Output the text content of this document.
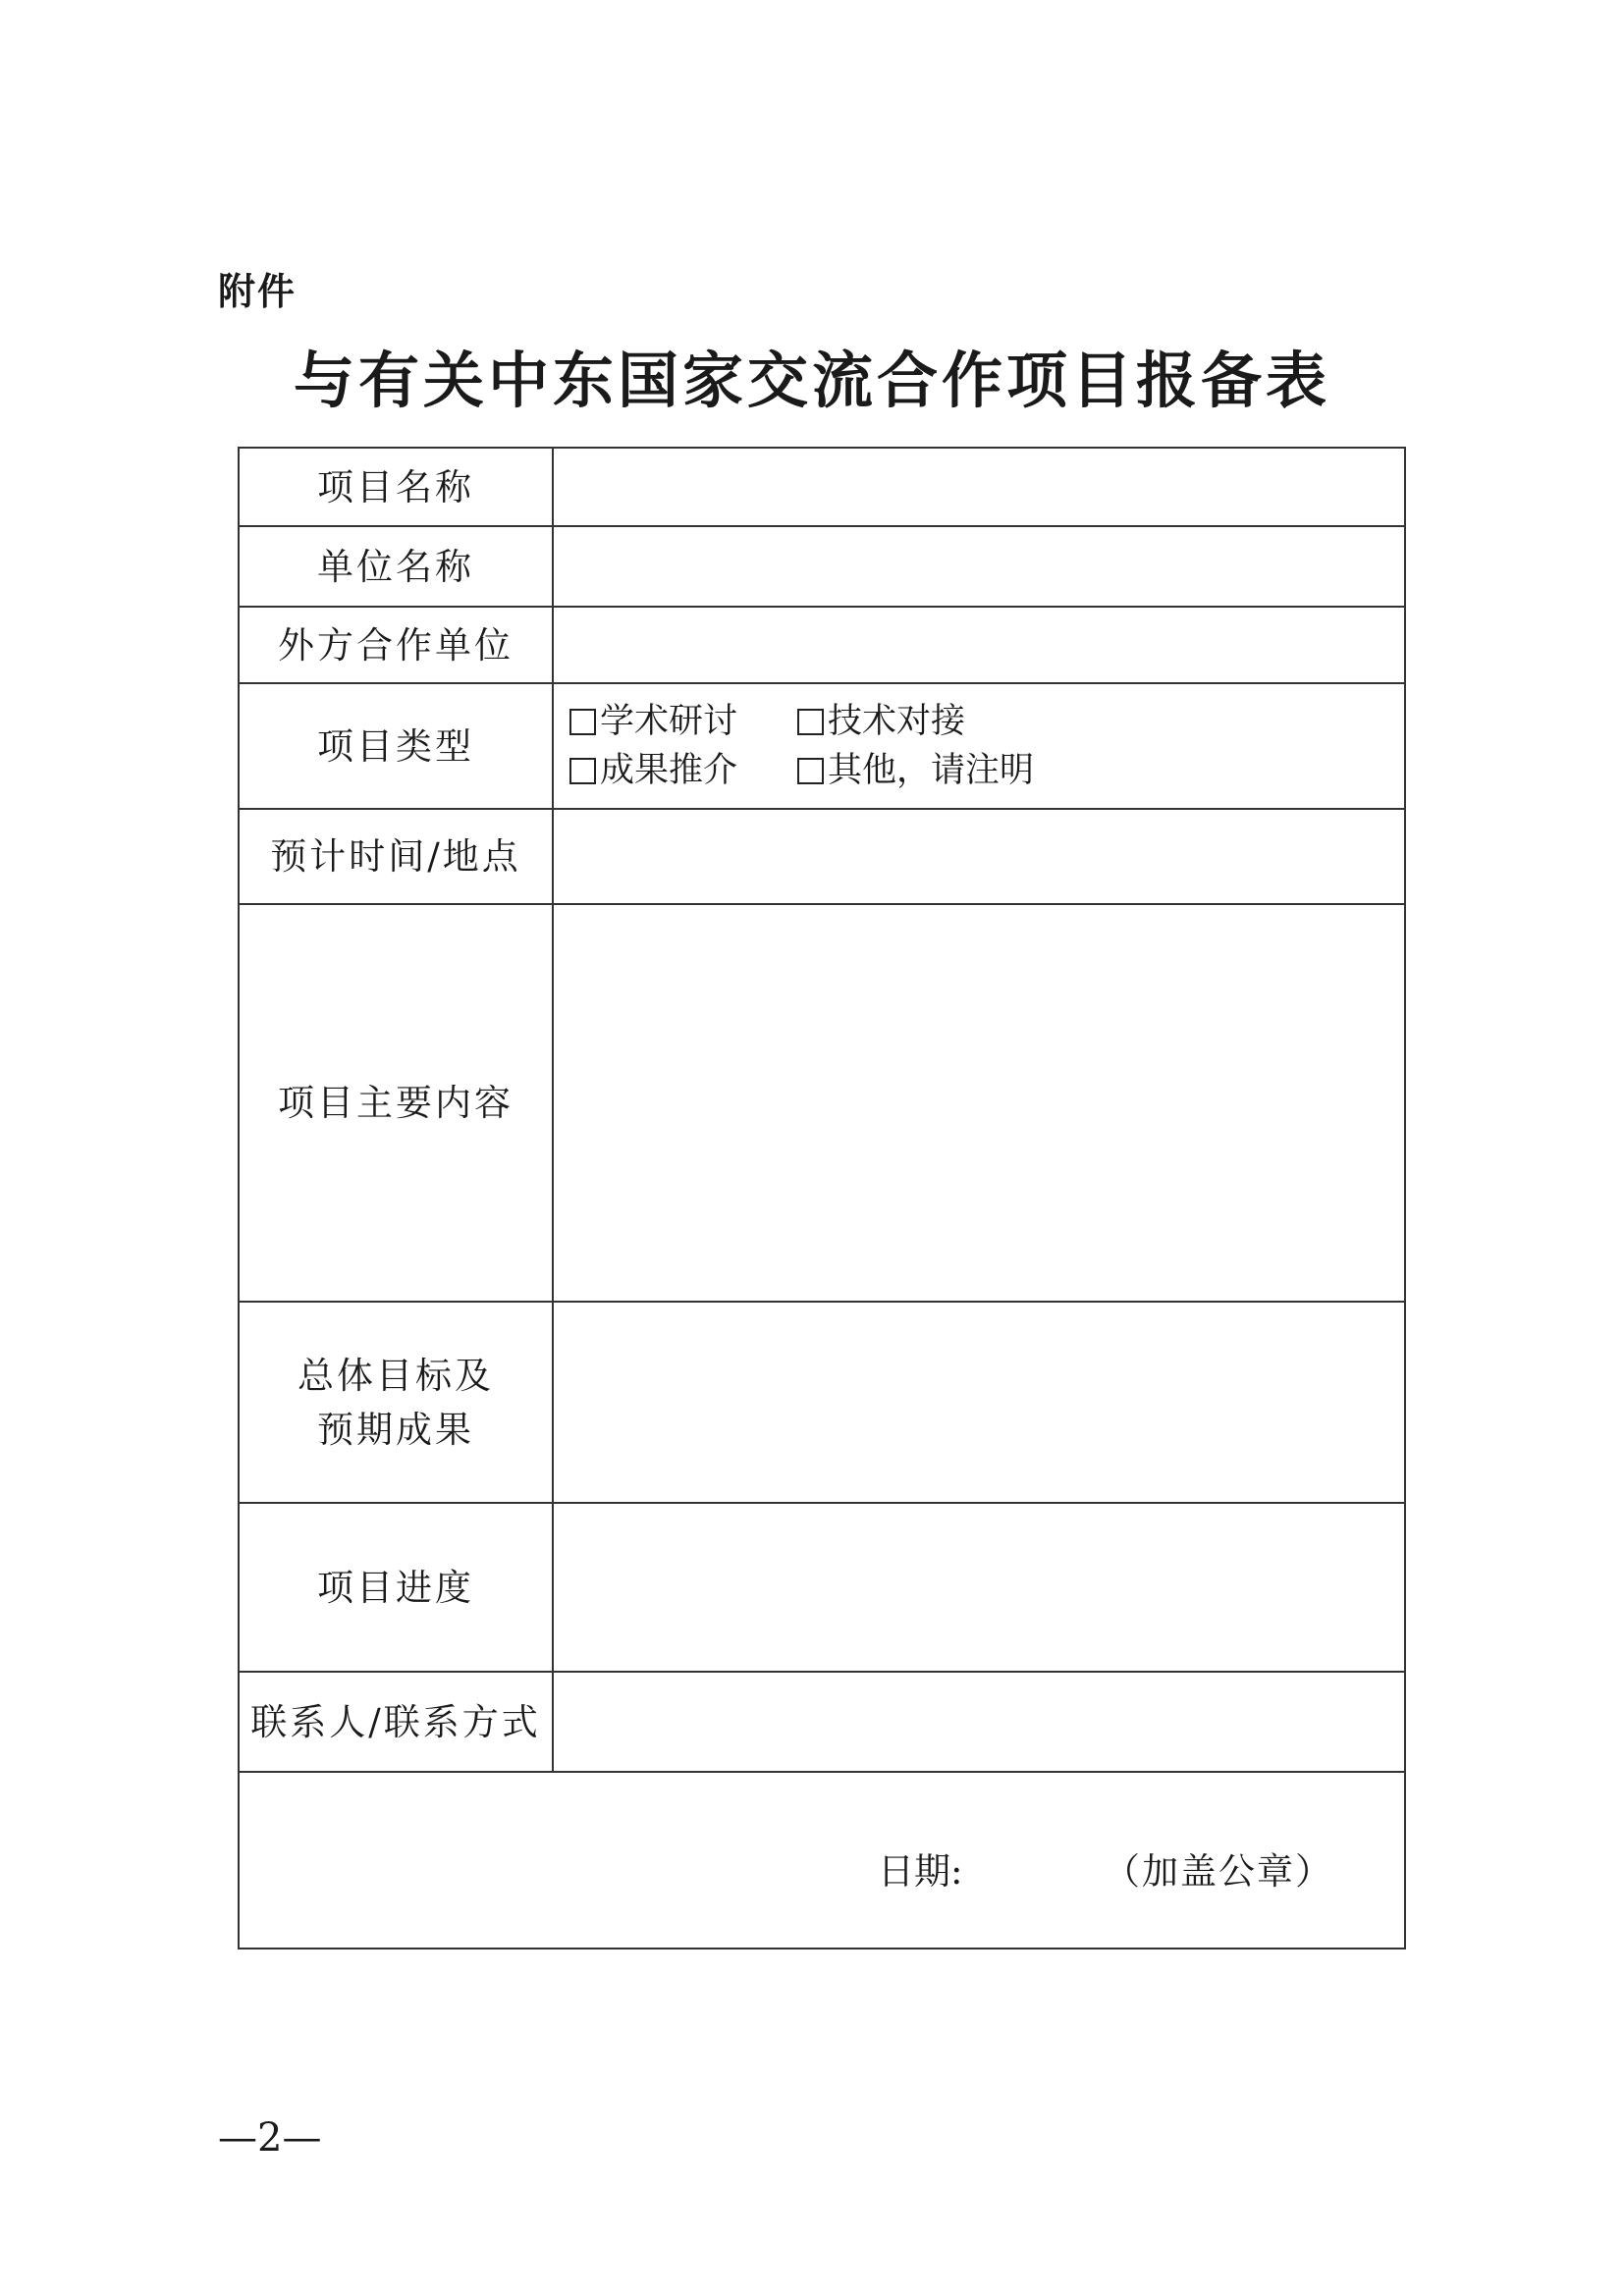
附件
与有关中东国家交流合作项目报备表
项目名称	
单位名称	
外方合作单位	
项目类型	学术研讨 技术对接
成果推介 其他，请注明

预计时间/地点	
项目主要内容	

总体目标及
预期成果	

项目进度	
联系人/联系方式	

日期: （加盖公章）	
—2—
